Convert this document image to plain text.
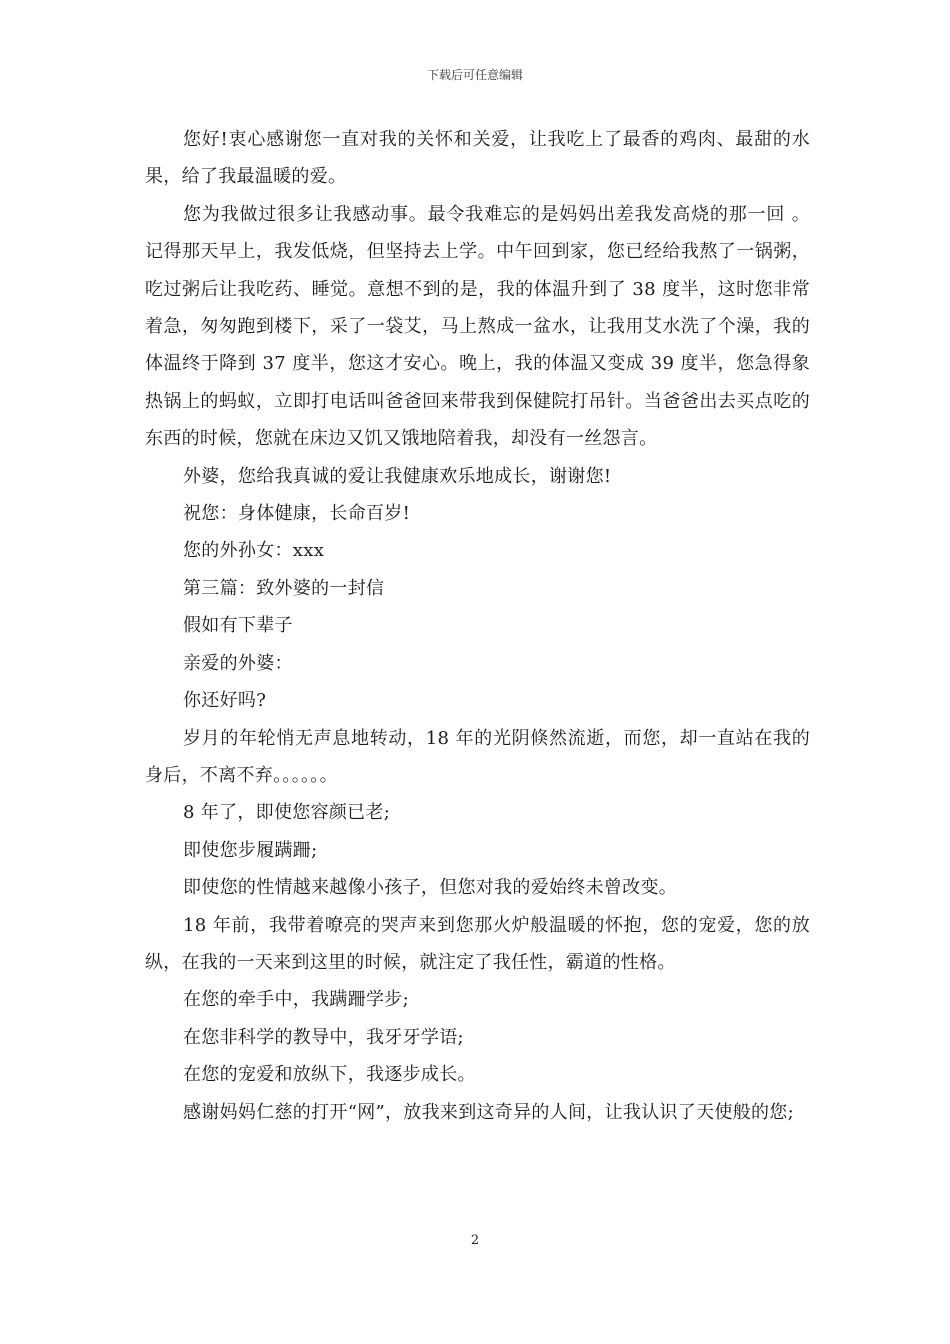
下载后可任意编辑

您好!衷心感谢您一直对我的关怀和关爱，让我吃上了最香的鸡肉、最甜的水果，给了我最温暖的爱。

您为我做过很多让我感动事。最令我难忘的是妈妈出差我发高烧的那一回 。记得那天早上，我发低烧，但坚持去上学。中午回到家，您已经给我熬了一锅粥，吃过粥后让我吃药、睡觉。意想不到的是，我的体温升到了 38 度半，这时您非常着急，匆匆跑到楼下，采了一袋艾，马上熬成一盆水，让我用艾水洗了个澡，我的体温终于降到 37 度半，您这才安心。晚上，我的体温又变成 39 度半，您急得象热锅上的蚂蚁，立即打电话叫爸爸回来带我到保健院打吊针。当爸爸出去买点吃的东西的时候，您就在床边又饥又饿地陪着我，却没有一丝怨言。

外婆，您给我真诚的爱让我健康欢乐地成长，谢谢您!

祝您：身体健康，长命百岁!

您的外孙女：xxx

第三篇：致外婆的一封信

假如有下辈子

亲爱的外婆：

你还好吗?

岁月的年轮悄无声息地转动，18 年的光阴倏然流逝，而您，却一直站在我的身后，不离不弃。。。。。。

8 年了，即使您容颜已老;

即使您步履蹒跚;

即使您的性情越来越像小孩子，但您对我的爱始终未曾改变。

18 年前，我带着嘹亮的哭声来到您那火炉般温暖的怀抱，您的宠爱，您的放纵，在我的一天来到这里的时候，就注定了我任性，霸道的性格。

在您的牵手中，我蹒跚学步;

在您非科学的教导中，我牙牙学语;

在您的宠爱和放纵下，我逐步成长。

感谢妈妈仁慈的打开“网”，放我来到这奇异的人间，让我认识了天使般的您;

2
